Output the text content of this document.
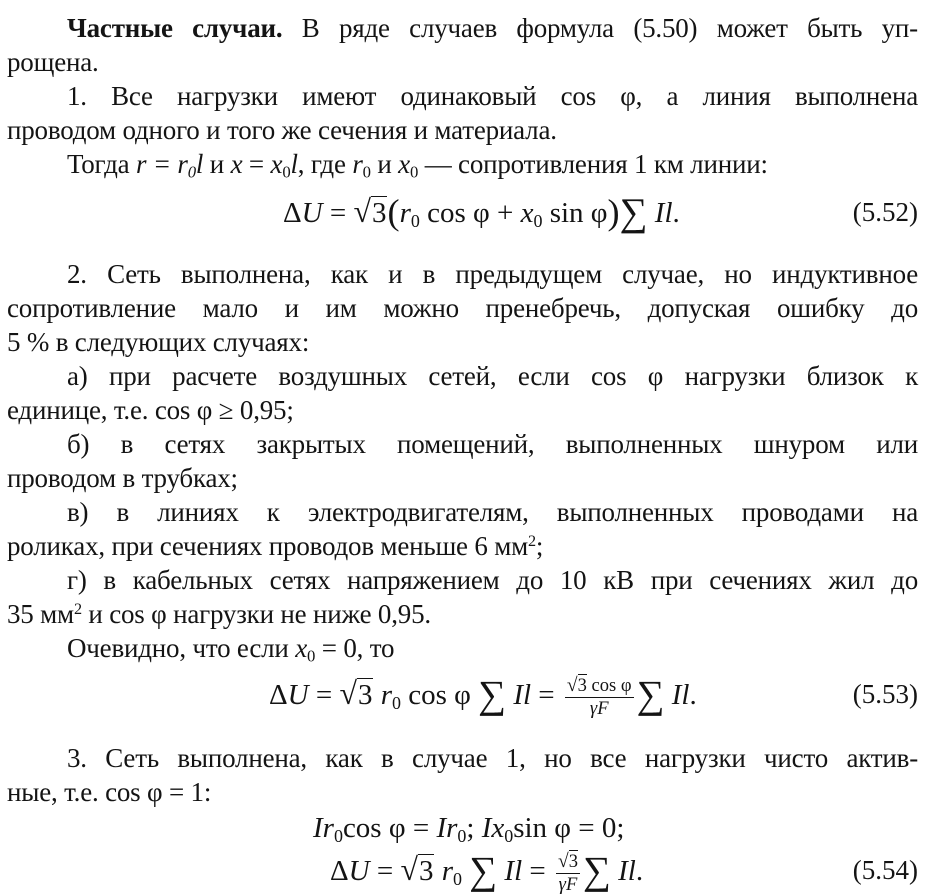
Частные случаи. В ряде случаев формула (5.50) может быть уп-
рощена.
1. Все нагрузки имеют одинаковый cos φ, а линия выполнена
проводом одного и того же сечения и материала.
Тогда $r = r_0l$ и $x = x_0l$, где $r_0$ и $x_0$ — сопротивления 1 км линии:
$\Delta U = √3(r_0$ $\cos \varphi + x_0$ sin φ)∑ Il.	(5.52)
2. Сеть выполнена, как и в предыдущем случае, но индуктивное
сопротивление мало и им можно пренебречь, допуская ошибку до
5 % в следующих случаях:
а) при расчете воздушных сетей, если cos φ нагрузки близок к
единице, т.е. cos φ ≥ 0,95;
б) в сетях закрытых помещений, выполненных шнуром или
проводом в трубках;
в) в линиях к электродвигателям, выполненных проводами на
роликах, при сечениях проводов меньше 6 $мм^2$;
г) в кабельных сетях напряжением до 10 кВ при сечениях жил до
35 $мм^2$ и cos φ нагрузки не ниже 0,95.
Очевидно, что если $x_0 = 0$, то
ΔU = √3 $r_0$ cos φ ∑ $Il = \frac{\text{√3 cos φ}}{\gamma F}$ ∑ Il.	(5.53)
3. Сеть выполнена, как в случае 1, но все нагрузки чисто актив-
ные, т.е. cos φ = 1:
$Ir_0\cos$ $\varphi = Ir_0$; $Ix_0\sin$ φ = 0;
ΔU = √3 $r_0$ ∑ $Il = \frac{√3}{\gamma F}$ ∑ Il.	(5.54)
